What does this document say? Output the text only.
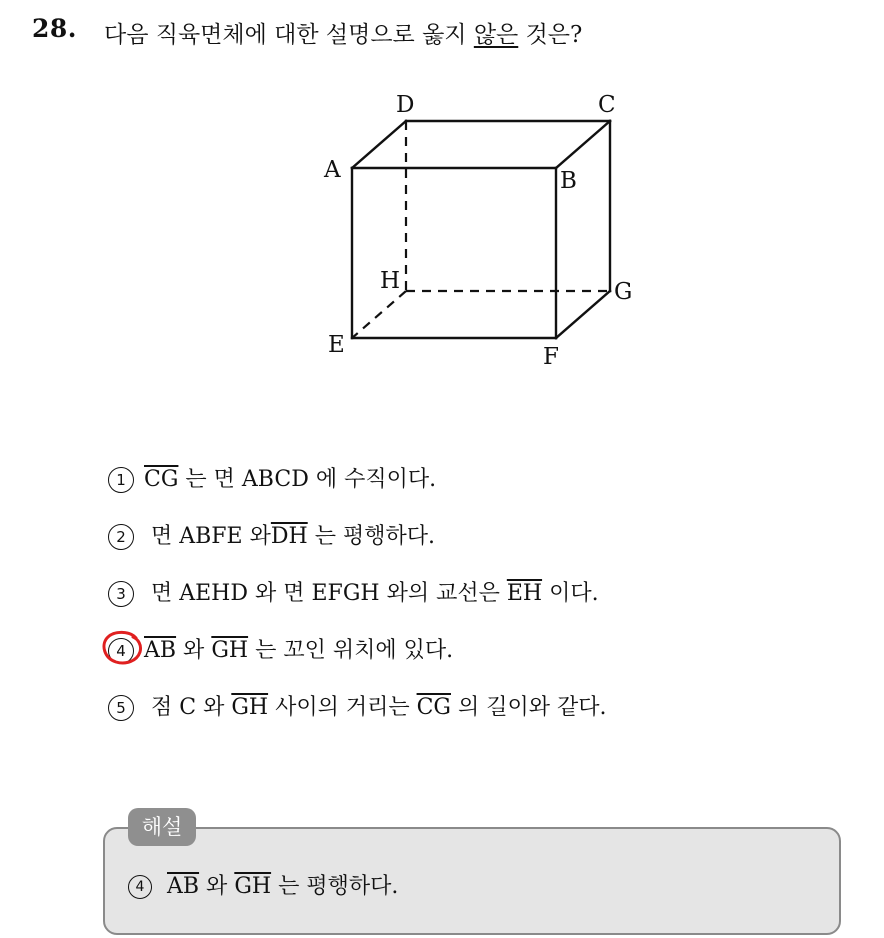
28. 다음 직육면체에 대한 설명으로 옳지 않은 것은?
A	B
C
D
E	F
G
H
1 $\overline{CG}$ 는 면 ABCD 에 수직이다.
2 면 ABFE 와$\overline{DH}$ 는 평행하다.
3 면 AEHD 와 면 EFGH 와의 교선은 $\overline{EH}$ 이다.
4 $\overline{AB}$ 와 $\overline{GH}$ 는 꼬인 위치에 있다.
5 점 C 와 $\overline{GH}$ 사이의 거리는 $\overline{CG}$ 의 길이와 같다.
해설
4 $\overline{AB}$ 와 $\overline{GH}$ 는 평행하다.
